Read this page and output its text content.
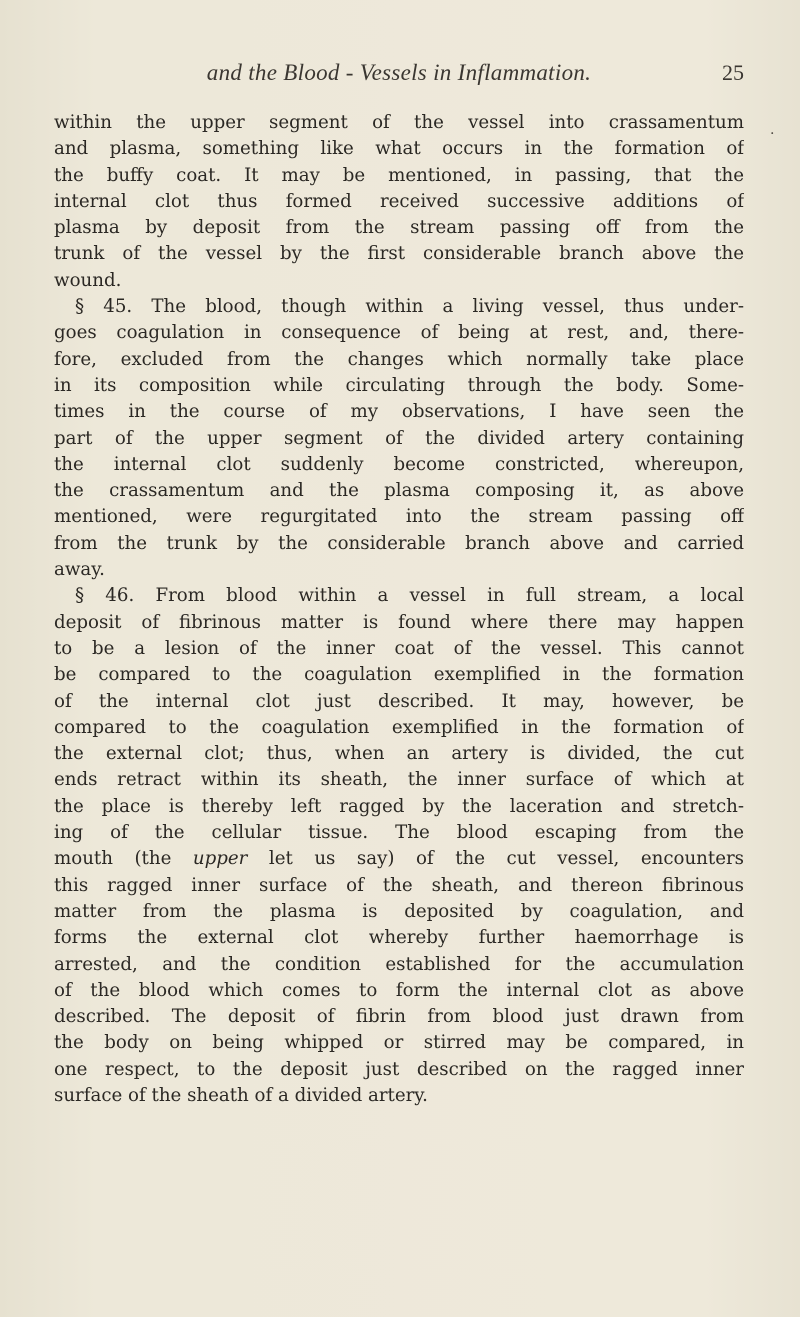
and the Blood - Vessels in Inflammation.	25
.
within the upper segment of the vessel into crassamentum
and plasma, something like what occurs in the formation of
the buffy coat. It may be mentioned, in passing, that the
internal clot thus formed received successive additions of
plasma by deposit from the stream passing off from the
trunk of the vessel by the first considerable branch above the
wound.
§ 45. The blood, though within a living vessel, thus under-
goes coagulation in consequence of being at rest, and, there-
fore, excluded from the changes which normally take place
in its composition while circulating through the body. Some-
times in the course of my observations, I have seen the
part of the upper segment of the divided artery containing
the internal clot suddenly become constricted, whereupon,
the crassamentum and the plasma composing it, as above
mentioned, were regurgitated into the stream passing off
from the trunk by the considerable branch above and carried
away.
§ 46. From blood within a vessel in full stream, a local
deposit of fibrinous matter is found where there may happen
to be a lesion of the inner coat of the vessel. This cannot
be compared to the coagulation exemplified in the formation
of the internal clot just described. It may, however, be
compared to the coagulation exemplified in the formation of
the external clot; thus, when an artery is divided, the cut
ends retract within its sheath, the inner surface of which at
the place is thereby left ragged by the laceration and stretch-
ing of the cellular tissue. The blood escaping from the
mouth (the upper let us say) of the cut vessel, encounters
this ragged inner surface of the sheath, and thereon fibrinous
matter from the plasma is deposited by coagulation, and
forms the external clot whereby further haemorrhage is
arrested, and the condition established for the accumulation
of the blood which comes to form the internal clot as above
described. The deposit of fibrin from blood just drawn from
the body on being whipped or stirred may be compared, in
one respect, to the deposit just described on the ragged inner
surface of the sheath of a divided artery.
